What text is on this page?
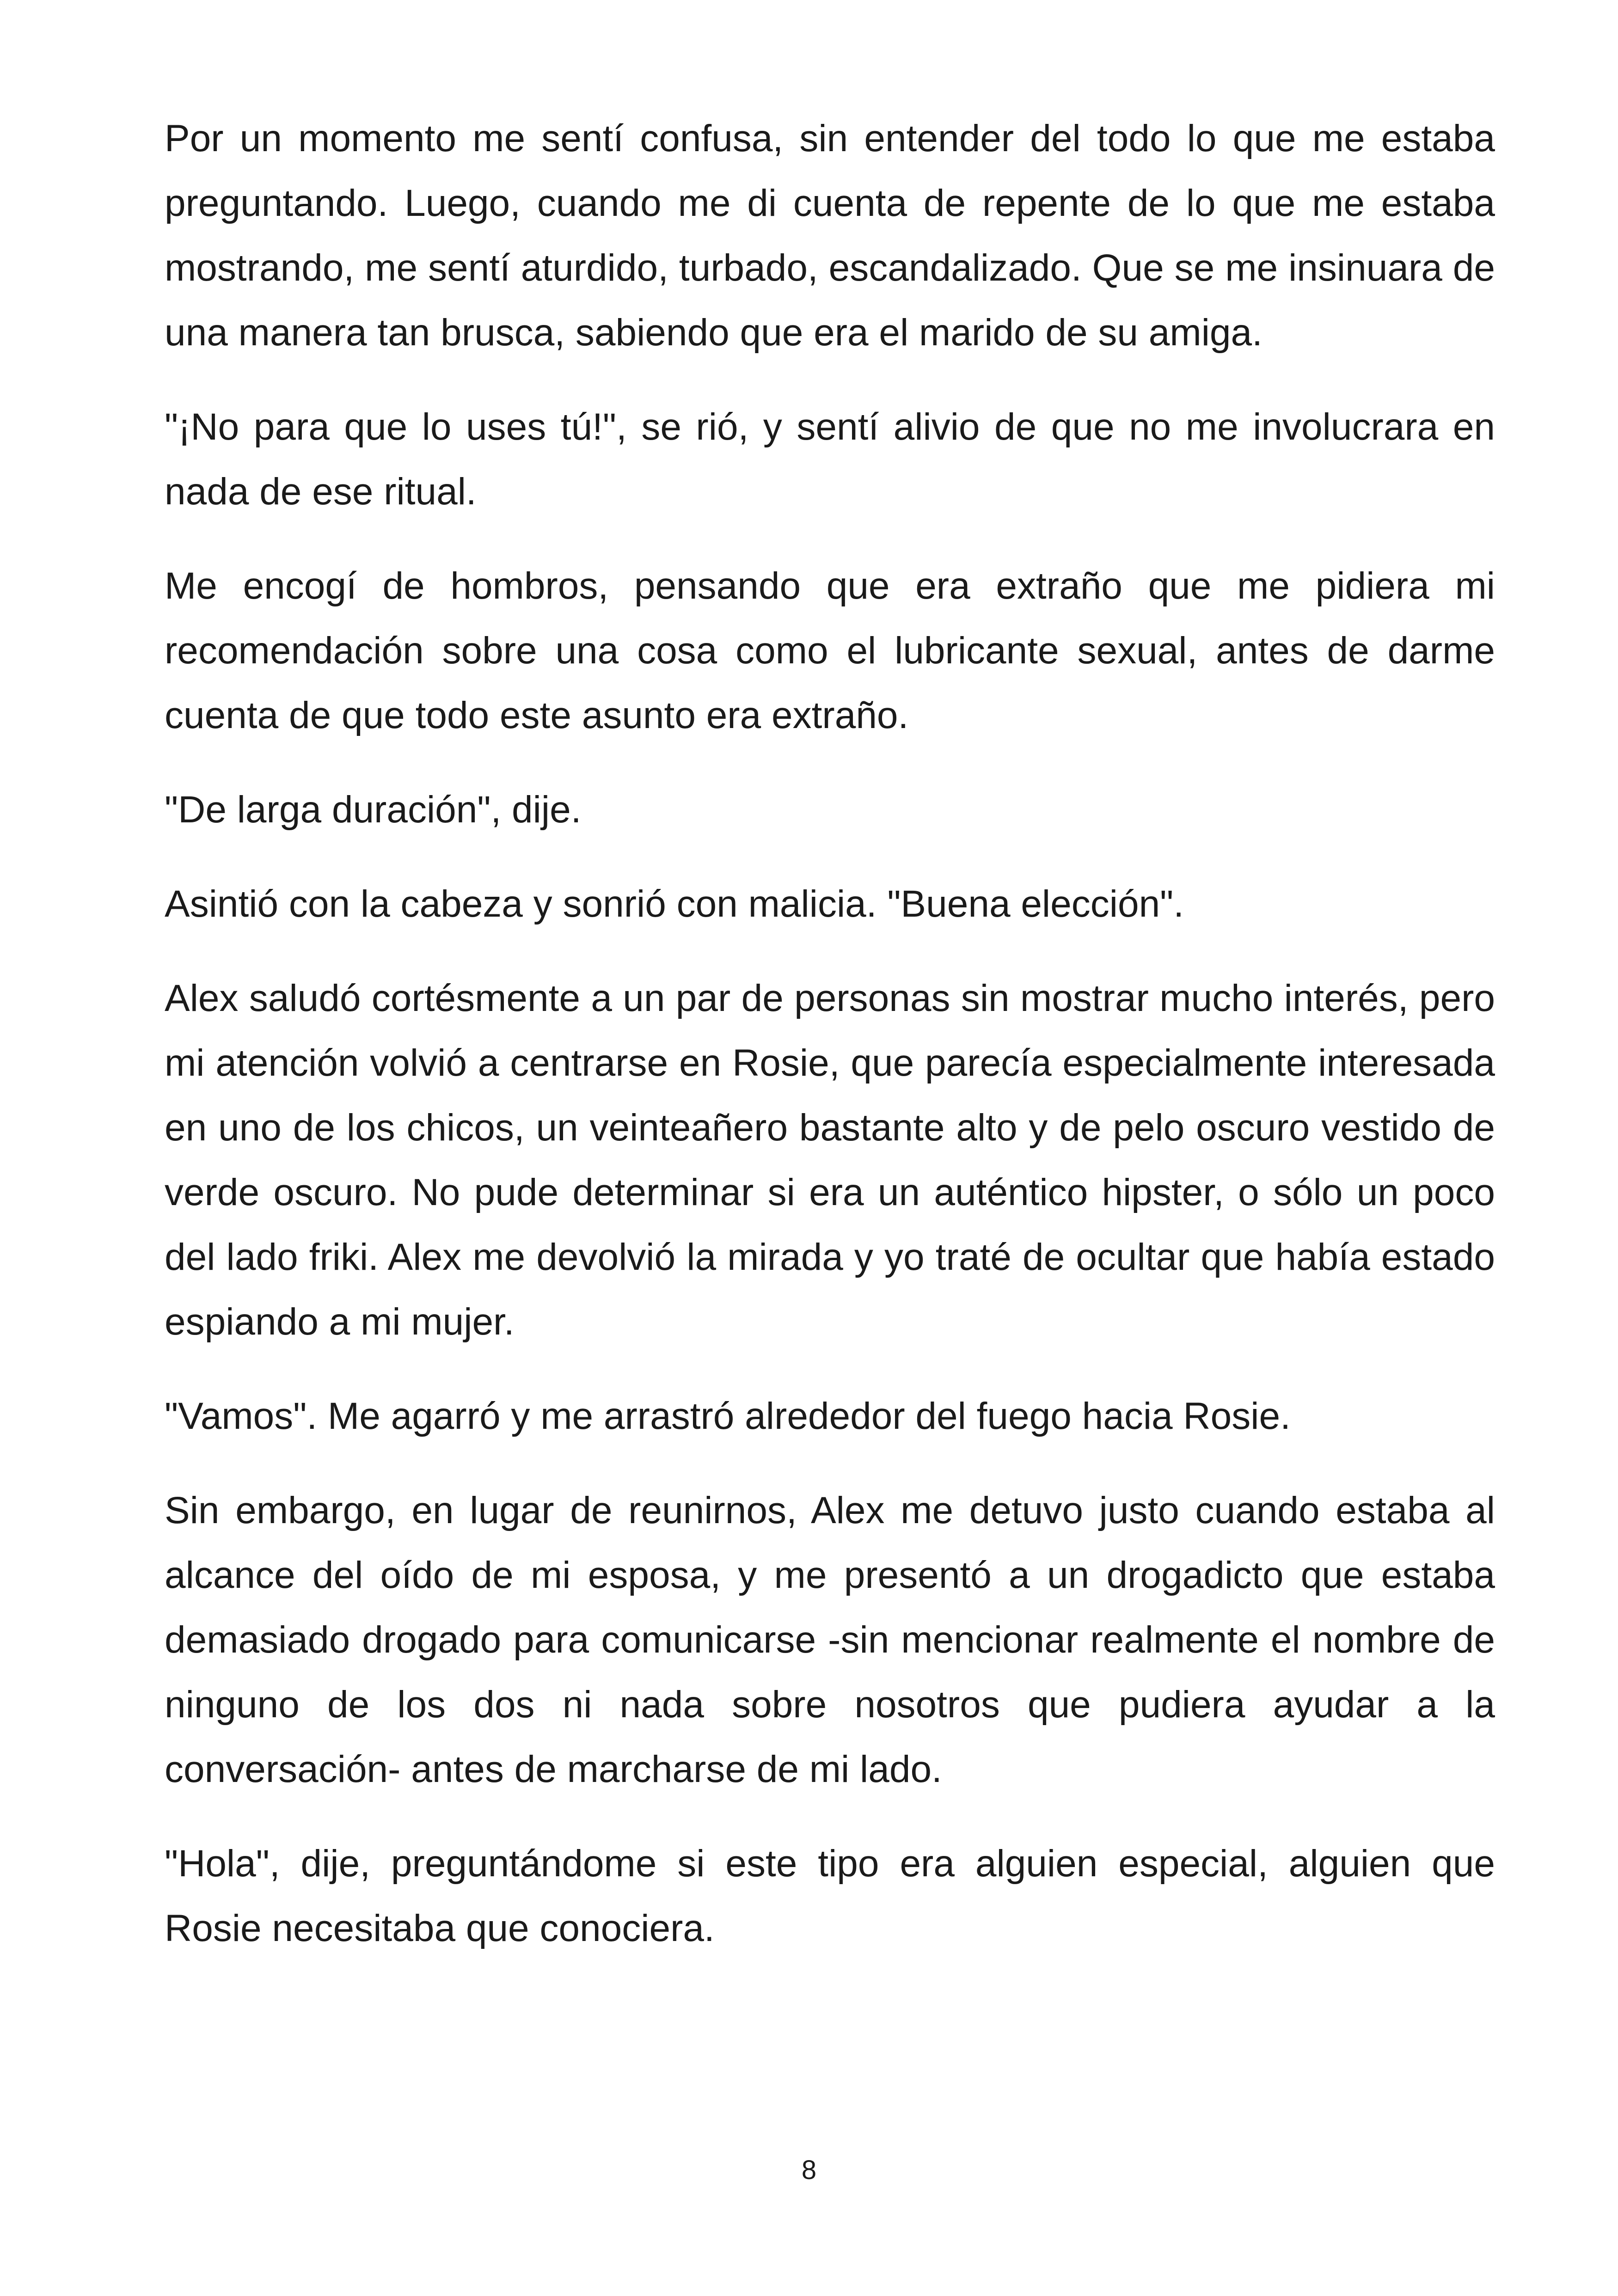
Por un momento me sentí confusa, sin entender del todo lo que me estaba preguntando. Luego, cuando me di cuenta de repente de lo que me estaba mostrando, me sentí aturdido, turbado, escandalizado. Que se me insinuara de una manera tan brusca, sabiendo que era el marido de su amiga.

"¡No para que lo uses tú!", se rió, y sentí alivio de que no me involucrara en nada de ese ritual.

Me encogí de hombros, pensando que era extraño que me pidiera mi recomendación sobre una cosa como el lubricante sexual, antes de darme cuenta de que todo este asunto era extraño.

"De larga duración", dije.

Asintió con la cabeza y sonrió con malicia. "Buena elección".

Alex saludó cortésmente a un par de personas sin mostrar mucho interés, pero mi atención volvió a centrarse en Rosie, que parecía especialmente interesada en uno de los chicos, un veinteañero bastante alto y de pelo oscuro vestido de verde oscuro. No pude determinar si era un auténtico hipster, o sólo un poco del lado friki. Alex me devolvió la mirada y yo traté de ocultar que había estado espiando a mi mujer.

"Vamos". Me agarró y me arrastró alrededor del fuego hacia Rosie.

Sin embargo, en lugar de reunirnos, Alex me detuvo justo cuando estaba al alcance del oído de mi esposa, y me presentó a un drogadicto que estaba demasiado drogado para comunicarse -sin mencionar realmente el nombre de ninguno de los dos ni nada sobre nosotros que pudiera ayudar a la conversación- antes de marcharse de mi lado.

"Hola", dije, preguntándome si este tipo era alguien especial, alguien que Rosie necesitaba que conociera.

8
